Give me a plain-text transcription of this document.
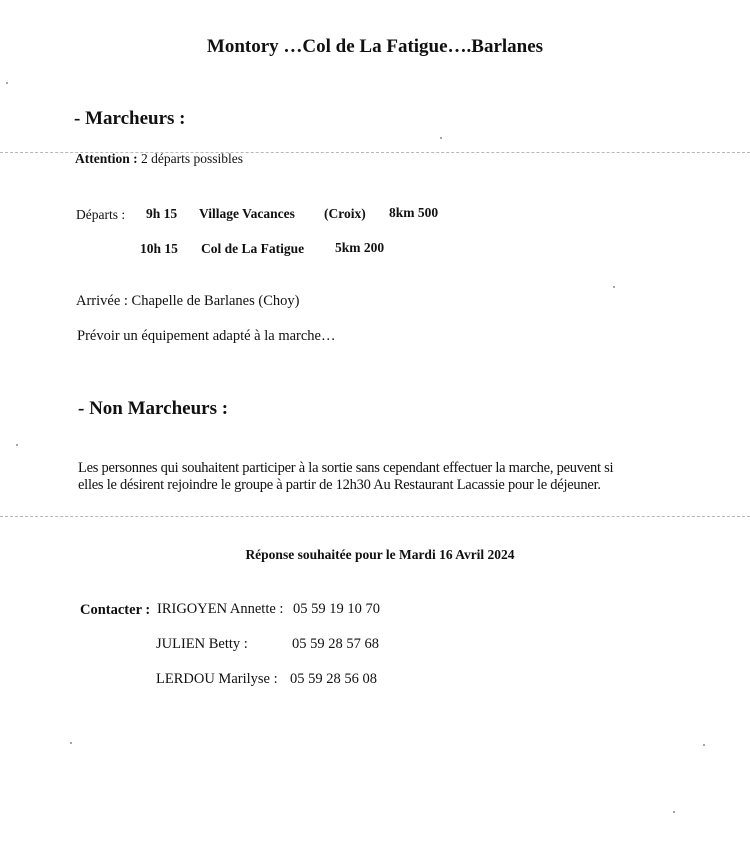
Montory …Col de La Fatigue….Barlanes
- Marcheurs :
Attention : 2 départs possibles
Départs : 9h 15 Village Vacances (Croix) 8km 500
10h 15 Col de La Fatigue 5km 200
Arrivée : Chapelle de Barlanes (Choy)
Prévoir un équipement adapté à la marche…
- Non Marcheurs :
Les personnes qui souhaitent participer à la sortie sans cependant effectuer la marche, peuvent si
elles le désirent rejoindre le groupe à partir de 12h30 Au Restaurant Lacassie pour le déjeuner.
Réponse souhaitée pour le Mardi 16 Avril 2024
Contacter : IRIGOYEN Annette : 05 59 19 10 70
JULIEN Betty :	05 59 28 57 68
LERDOU Marilyse : 05 59 28 56 08
